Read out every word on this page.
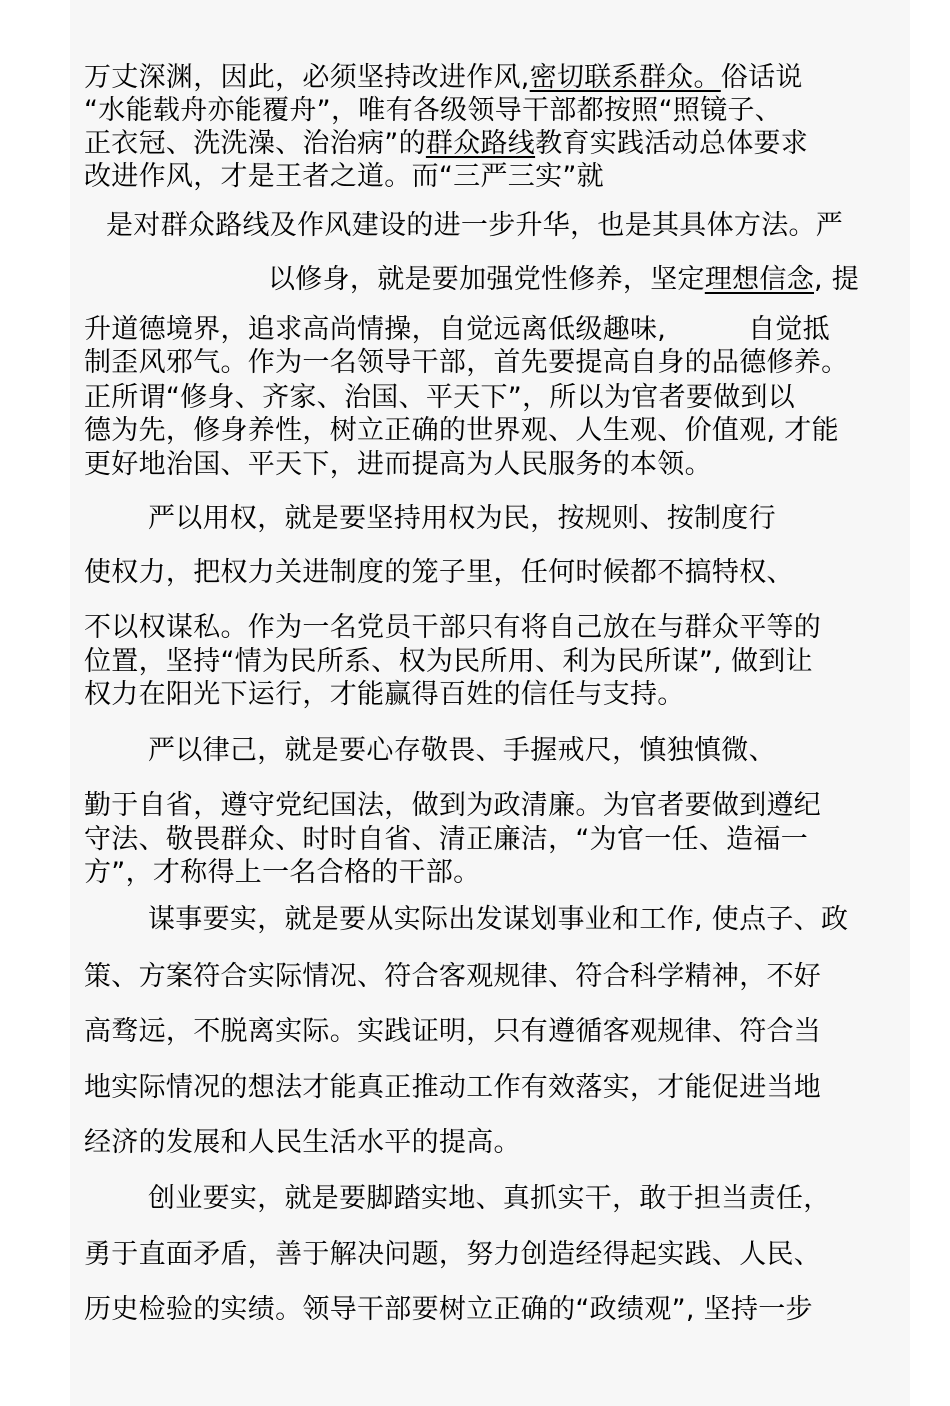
万丈深渊，因此，必须坚持改进作风,密切联系群众。俗话说
“水能载舟亦能覆舟”，唯有各级领导干部都按照“照镜子、
正衣冠、洗洗澡、治治病”的群众路线教育实践活动总体要求
改进作风，才是王者之道。而“三严三实”就
是对群众路线及作风建设的进一步升华，也是其具体方法。严
以修身，就是要加强党性修养，坚定理想信念, 提
升道德境界，追求高尚情操，自觉远离低级趣味,　　　自觉抵
制歪风邪气。作为一名领导干部，首先要提高自身的品德修养。
正所谓“修身、齐家、治国、平天下”，所以为官者要做到以
德为先，修身养性，树立正确的世界观、人生观、价值观, 才能
更好地治国、平天下，进而提高为人民服务的本领。
严以用权，就是要坚持用权为民，按规则、按制度行
使权力，把权力关进制度的笼子里，任何时候都不搞特权、
不以权谋私。作为一名党员干部只有将自己放在与群众平等的
位置，坚持“情为民所系、权为民所用、利为民所谋”, 做到让
权力在阳光下运行，才能赢得百姓的信任与支持。
严以律己，就是要心存敬畏、手握戒尺，慎独慎微、
勤于自省，遵守党纪国法，做到为政清廉。为官者要做到遵纪
守法、敬畏群众、时时自省、清正廉洁，“为官一任、造福一
方”，才称得上一名合格的干部。
谋事要实，就是要从实际出发谋划事业和工作, 使点子、政
策、方案符合实际情况、符合客观规律、符合科学精神，不好
高骛远，不脱离实际。实践证明，只有遵循客观规律、符合当
地实际情况的想法才能真正推动工作有效落实，才能促进当地
经济的发展和人民生活水平的提高。
创业要实，就是要脚踏实地、真抓实干，敢于担当责任，
勇于直面矛盾，善于解决问题，努力创造经得起实践、人民、
历史检验的实绩。领导干部要树立正确的“政绩观”, 坚持一步
